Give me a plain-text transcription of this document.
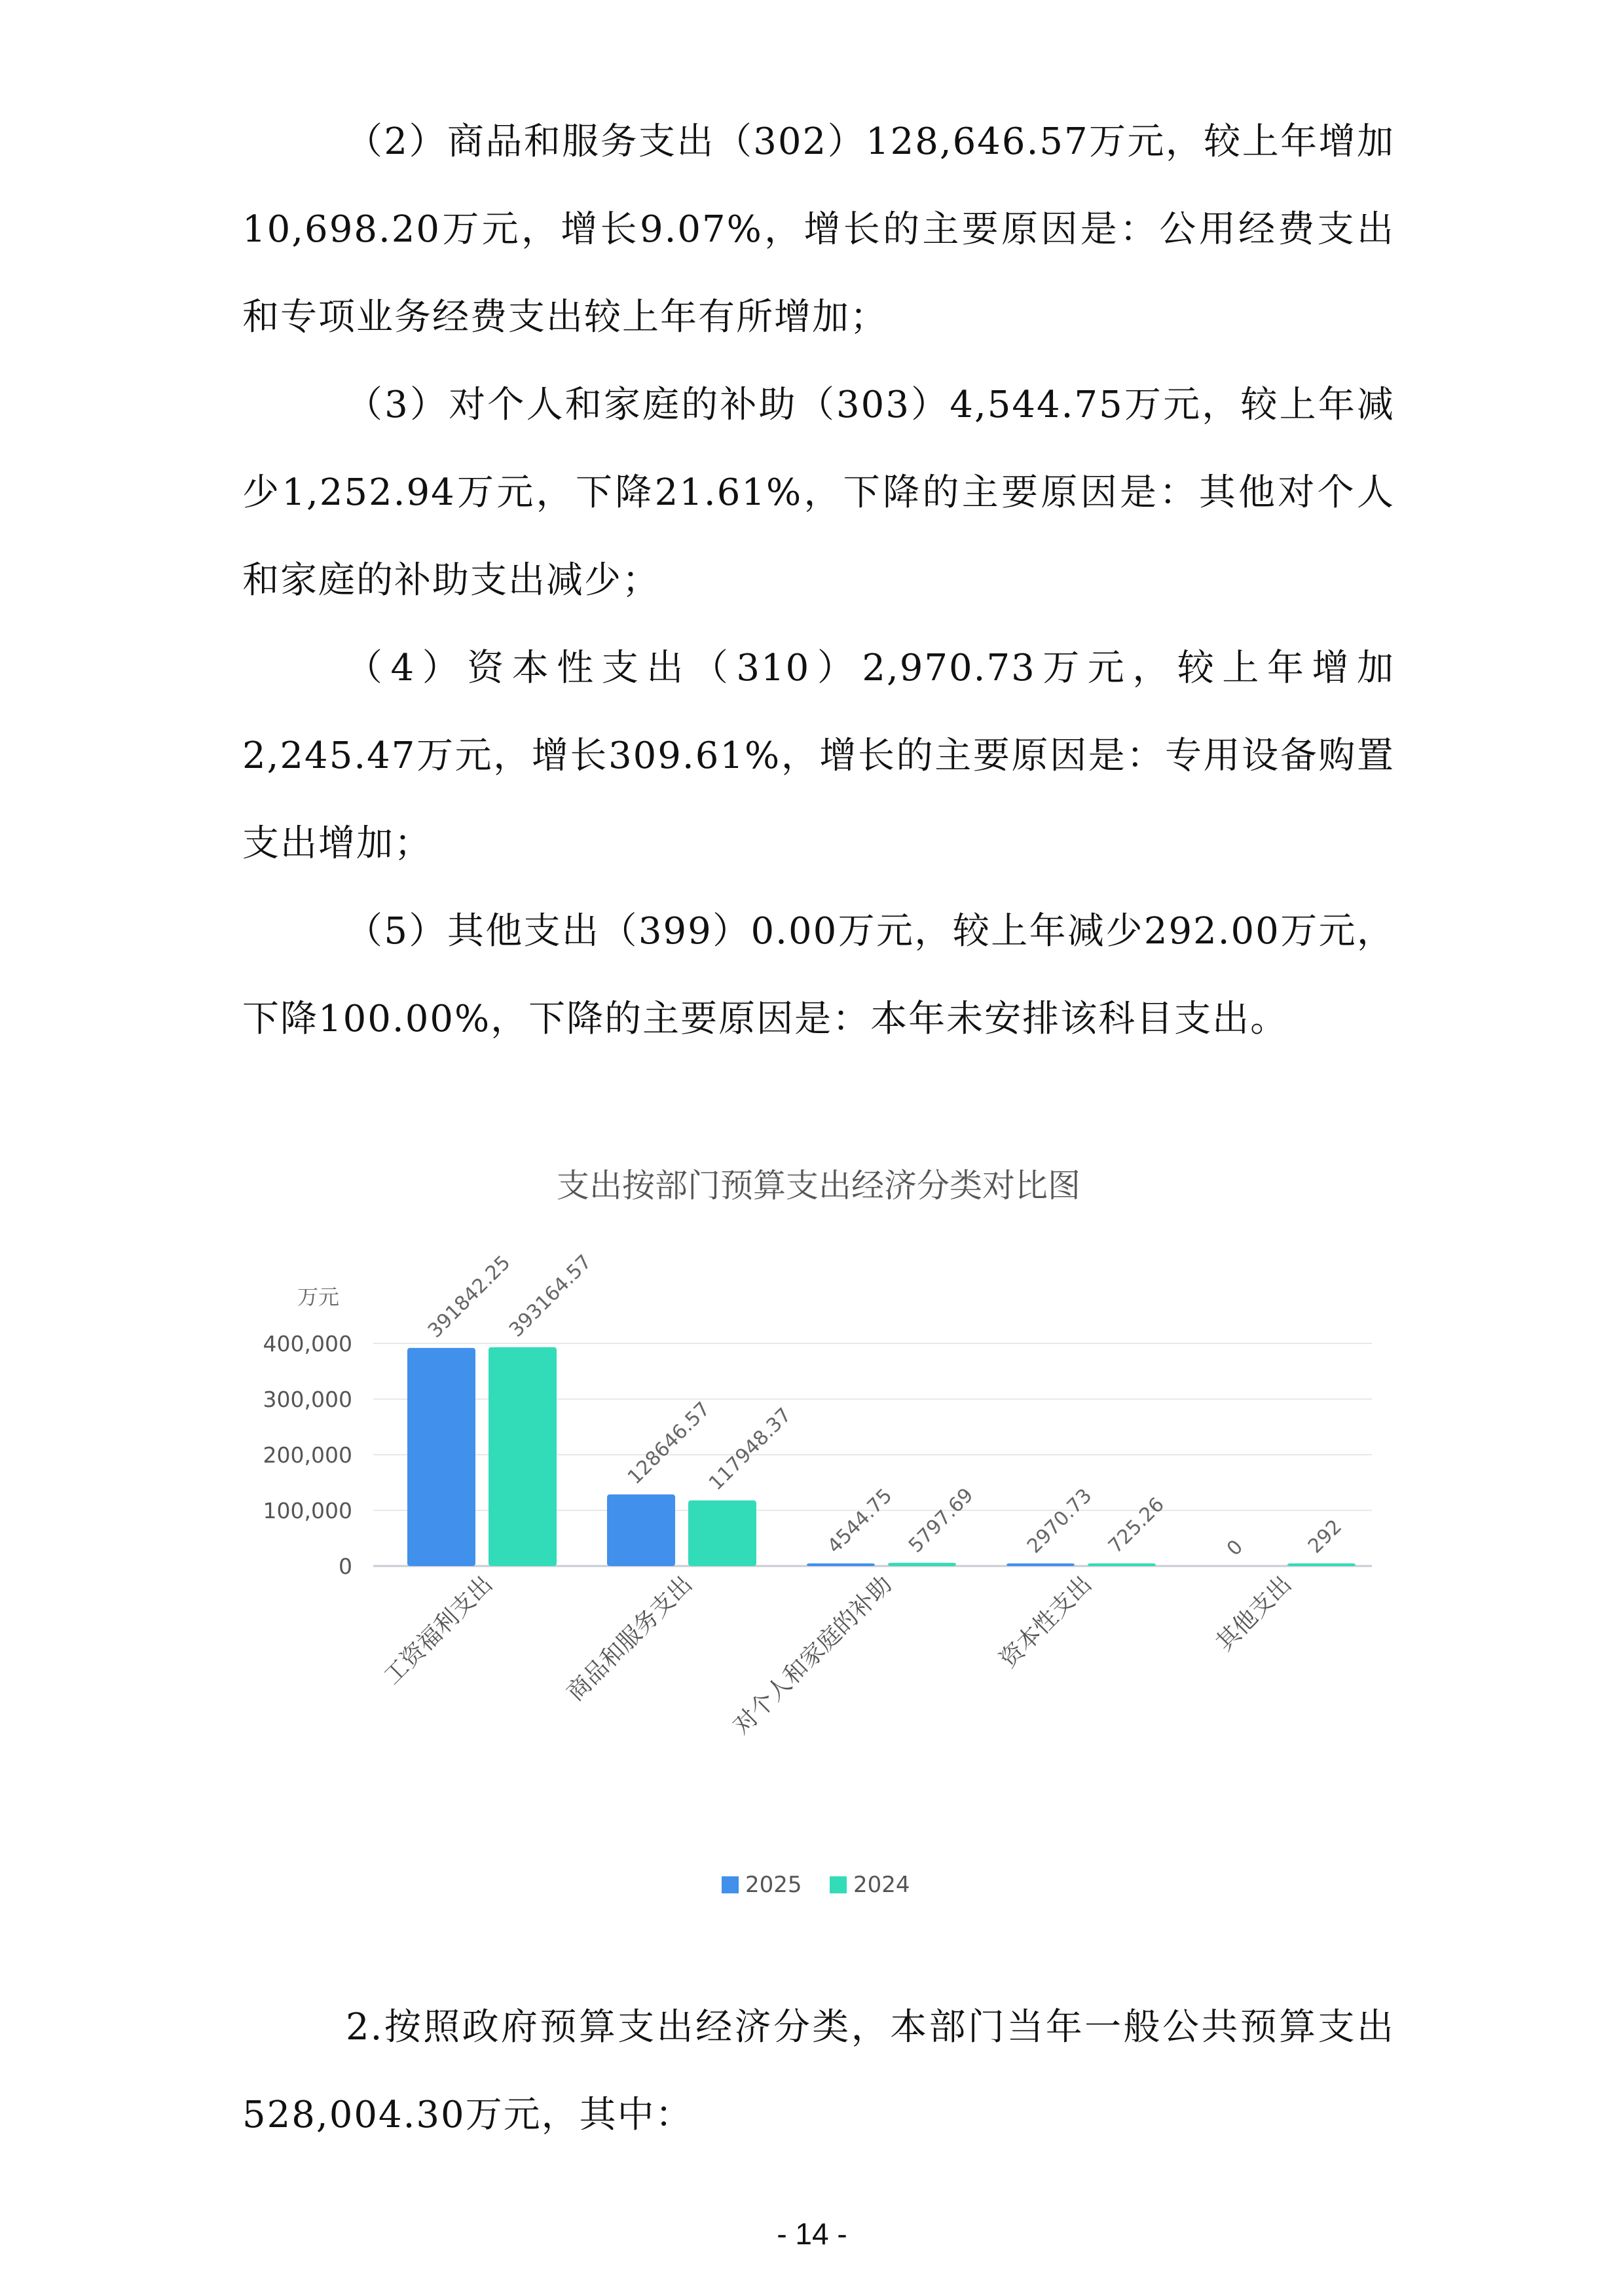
（2）商品和服务支出（302）128,646.57万元，较上年增加10,698.20万元，增长9.07%，增长的主要原因是：公用经费支出和专项业务经费支出较上年有所增加；

（3）对个人和家庭的补助（303）4,544.75万元，较上年减少1,252.94万元，下降21.61%，下降的主要原因是：其他对个人和家庭的补助支出减少；

（4）资本性支出（310）2,970.73万元，较上年增加2,245.47万元，增长309.61%，增长的主要原因是：专用设备购置支出增加；

（5）其他支出（399）0.00万元，较上年减少292.00万元，下降100.00%，下降的主要原因是：本年未安排该科目支出。

支出按部门预算支出经济分类对比图
万元
0
100,000
200,000
300,000
400,000
391842.25
393164.57
128646.57
117948.37
4544.75 5797.69 2970.73 725.26	0	292
工资福利支出	商品和服务支出 对个人和家庭的补助	资本性支出	其他支出
2025 2024

2.按照政府预算支出经济分类，本部门当年一般公共预算支出528,004.30万元，其中：

- 14 -
